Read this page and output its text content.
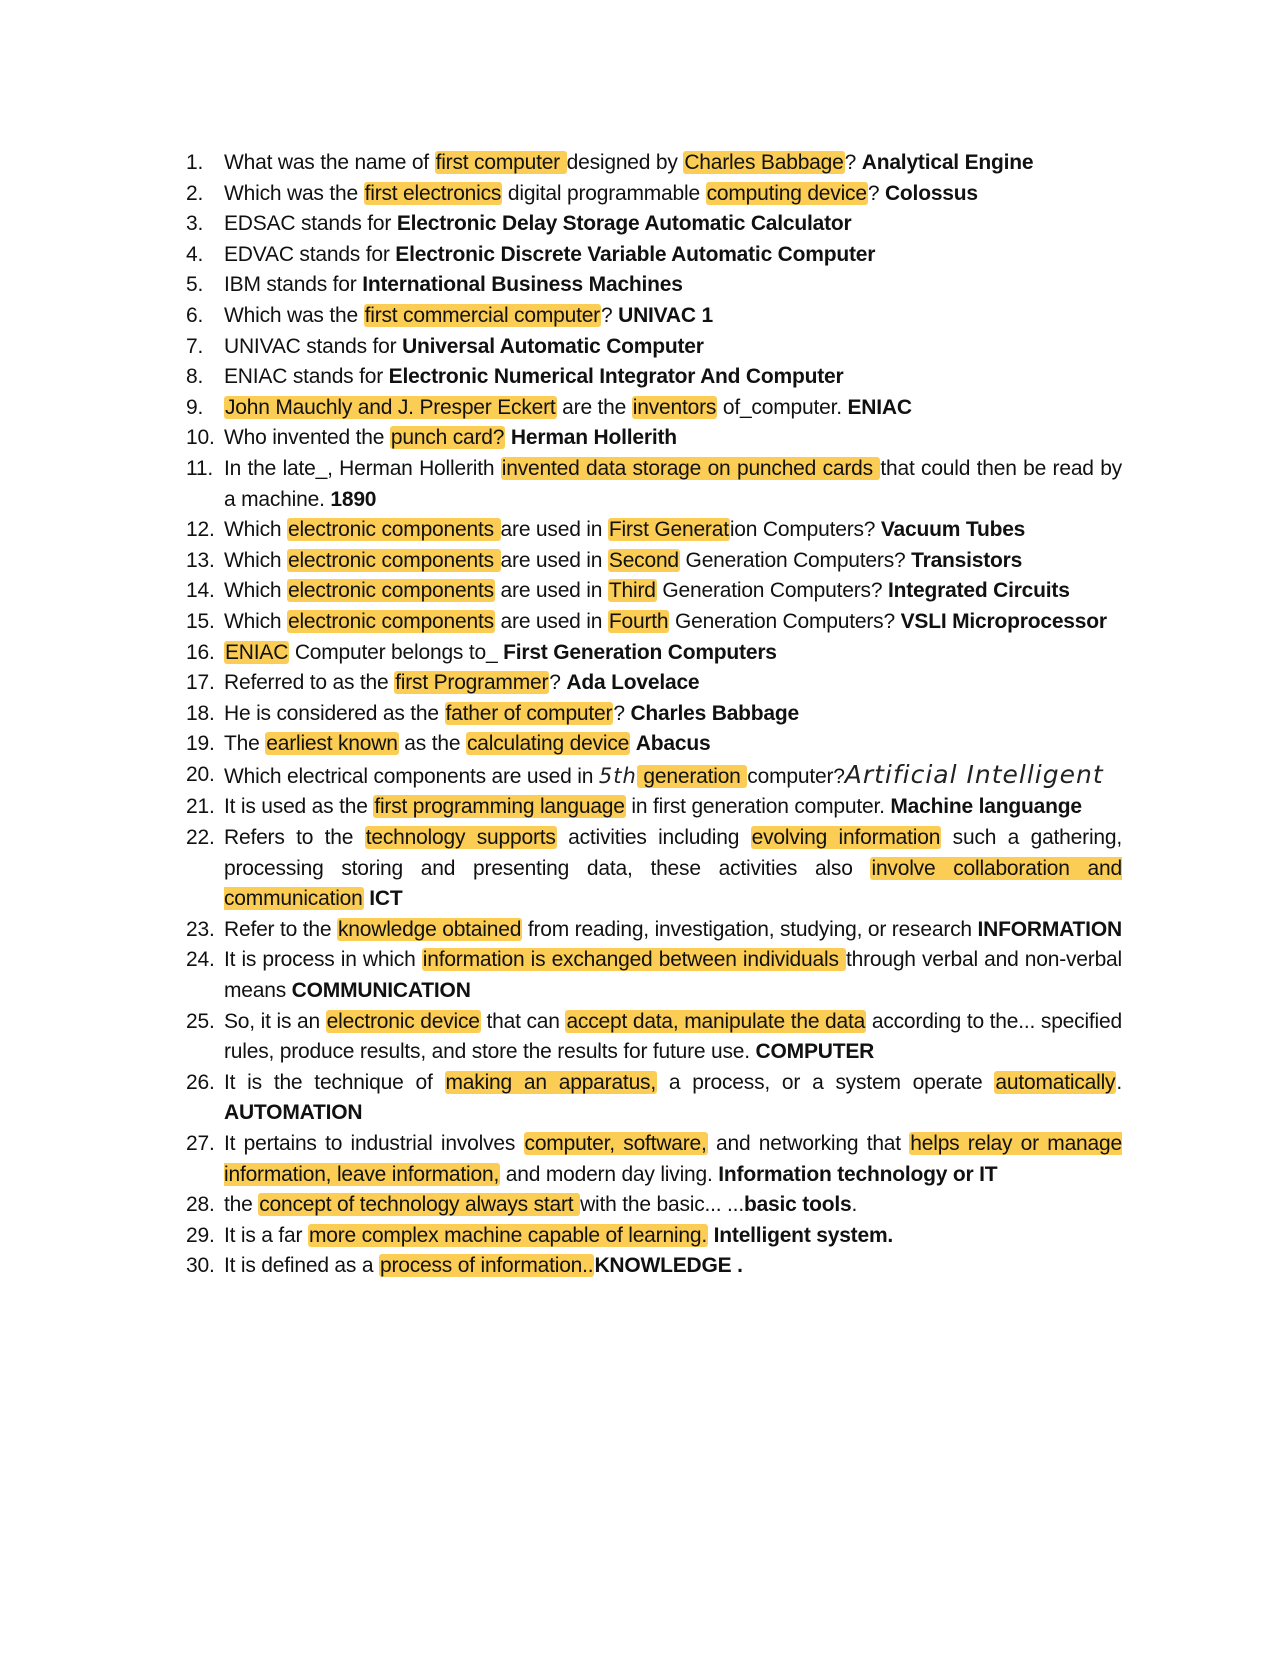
1. What was the name of first computer designed by Charles Babbage? Analytical Engine
2. Which was the first electronics digital programmable computing device? Colossus
3. EDSAC stands for Electronic Delay Storage Automatic Calculator
4. EDVAC stands for Electronic Discrete Variable Automatic Computer
5. IBM stands for International Business Machines
6. Which was the first commercial computer? UNIVAC 1
7. UNIVAC stands for Universal Automatic Computer
8. ENIAC stands for Electronic Numerical Integrator And Computer
9. John Mauchly and J. Presper Eckert are the inventors of_computer. ENIAC
10. Who invented the punch card? Herman Hollerith
11. In the late_, Herman Hollerith invented data storage on punched cards that could then be read by a machine. 1890
12. Which electronic components are used in First Generation Computers? Vacuum Tubes
13. Which electronic components are used in Second Generation Computers? Transistors
14. Which electronic components are used in Third Generation Computers? Integrated Circuits
15. Which electronic components are used in Fourth Generation Computers? VSLI Microprocessor
16. ENIAC Computer belongs to_ First Generation Computers
17. Referred to as the first Programmer? Ada Lovelace
18. He is considered as the father of computer? Charles Babbage
19. The earliest known as the calculating device Abacus
20. Which electrical components are used in 5th generation computer?Artificial Intelligent
21. It is used as the first programming language in first generation computer. Machine languange
22. Refers to the technology supports activities including evolving information such a gathering, processing storing and presenting data, these activities also involve collaboration and communication ICT
23. Refer to the knowledge obtained from reading, investigation, studying, or research INFORMATION
24. It is process in which information is exchanged between individuals through verbal and non-verbal means COMMUNICATION
25. So, it is an electronic device that can accept data, manipulate the data according to the... specified rules, produce results, and store the results for future use. COMPUTER
26. It is the technique of making an apparatus, a process, or a system operate automatically. AUTOMATION
27. It pertains to industrial involves computer, software, and networking that helps relay or manage information, leave information, and modern day living. Information technology or IT
28. the concept of technology always start with the basic... ...basic tools.
29. It is a far more complex machine capable of learning. Intelligent system.
30. It is defined as a process of information..KNOWLEDGE .
